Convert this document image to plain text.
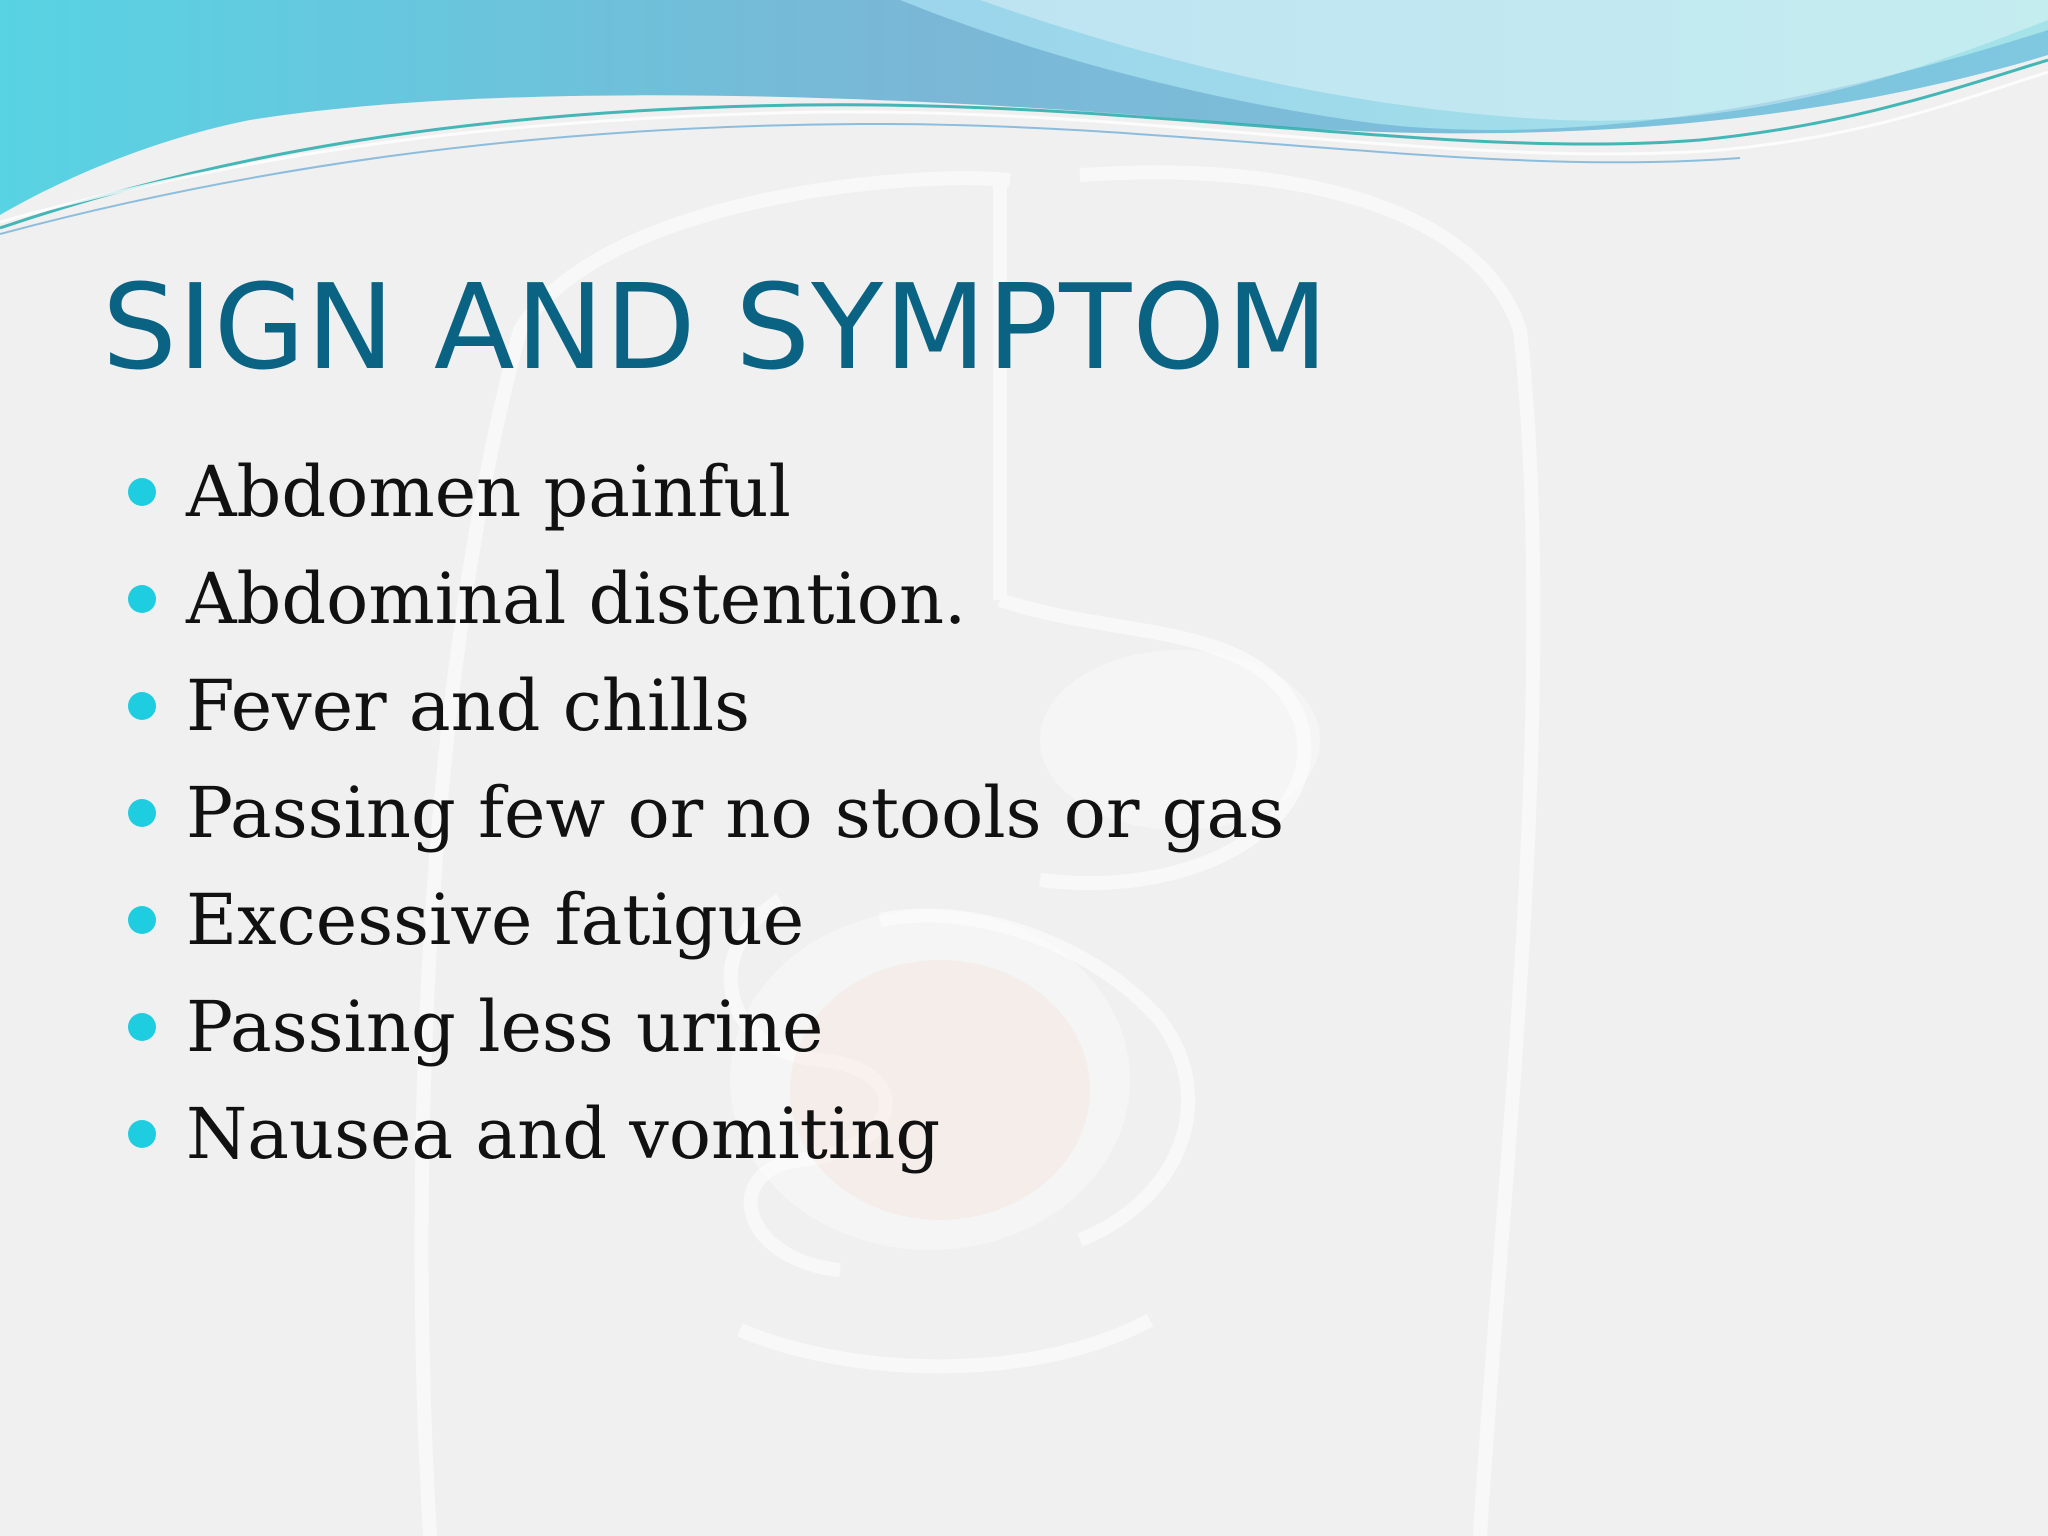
SIGN AND SYMPTOM
Abdomen painful
Abdominal distention.
Fever and chills
Passing few or no stools or gas
Excessive fatigue
Passing less urine
Nausea and vomiting
